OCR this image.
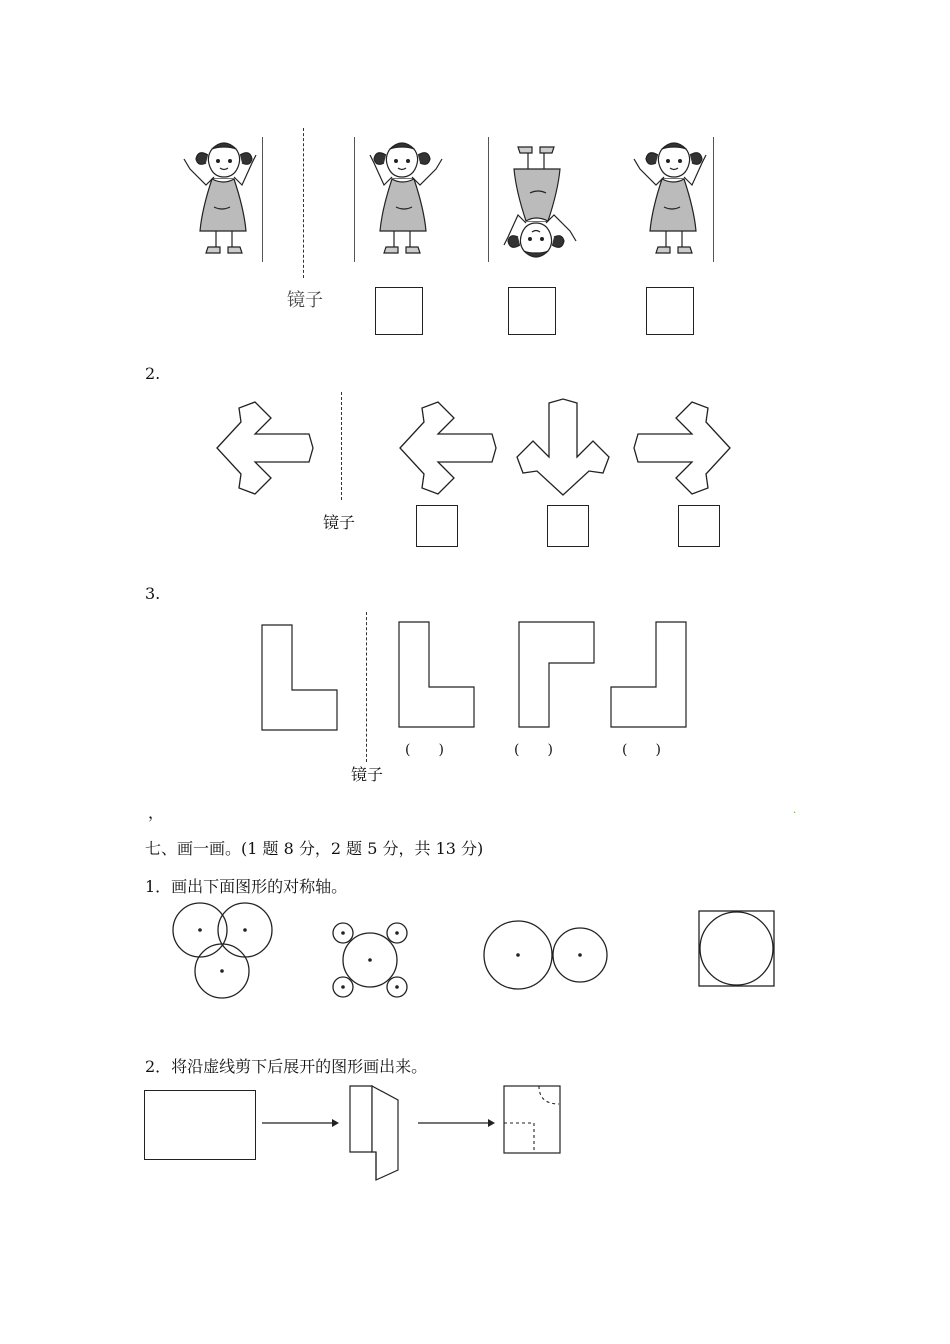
镜子
2.
镜子
3.
镜子
(　　)	(　　)	(　　)
，	·
七、画一画。(1 题 8 分，2 题 5 分，共 13 分)
1．画出下面图形的对称轴。
2．将沿虚线剪下后展开的图形画出来。
